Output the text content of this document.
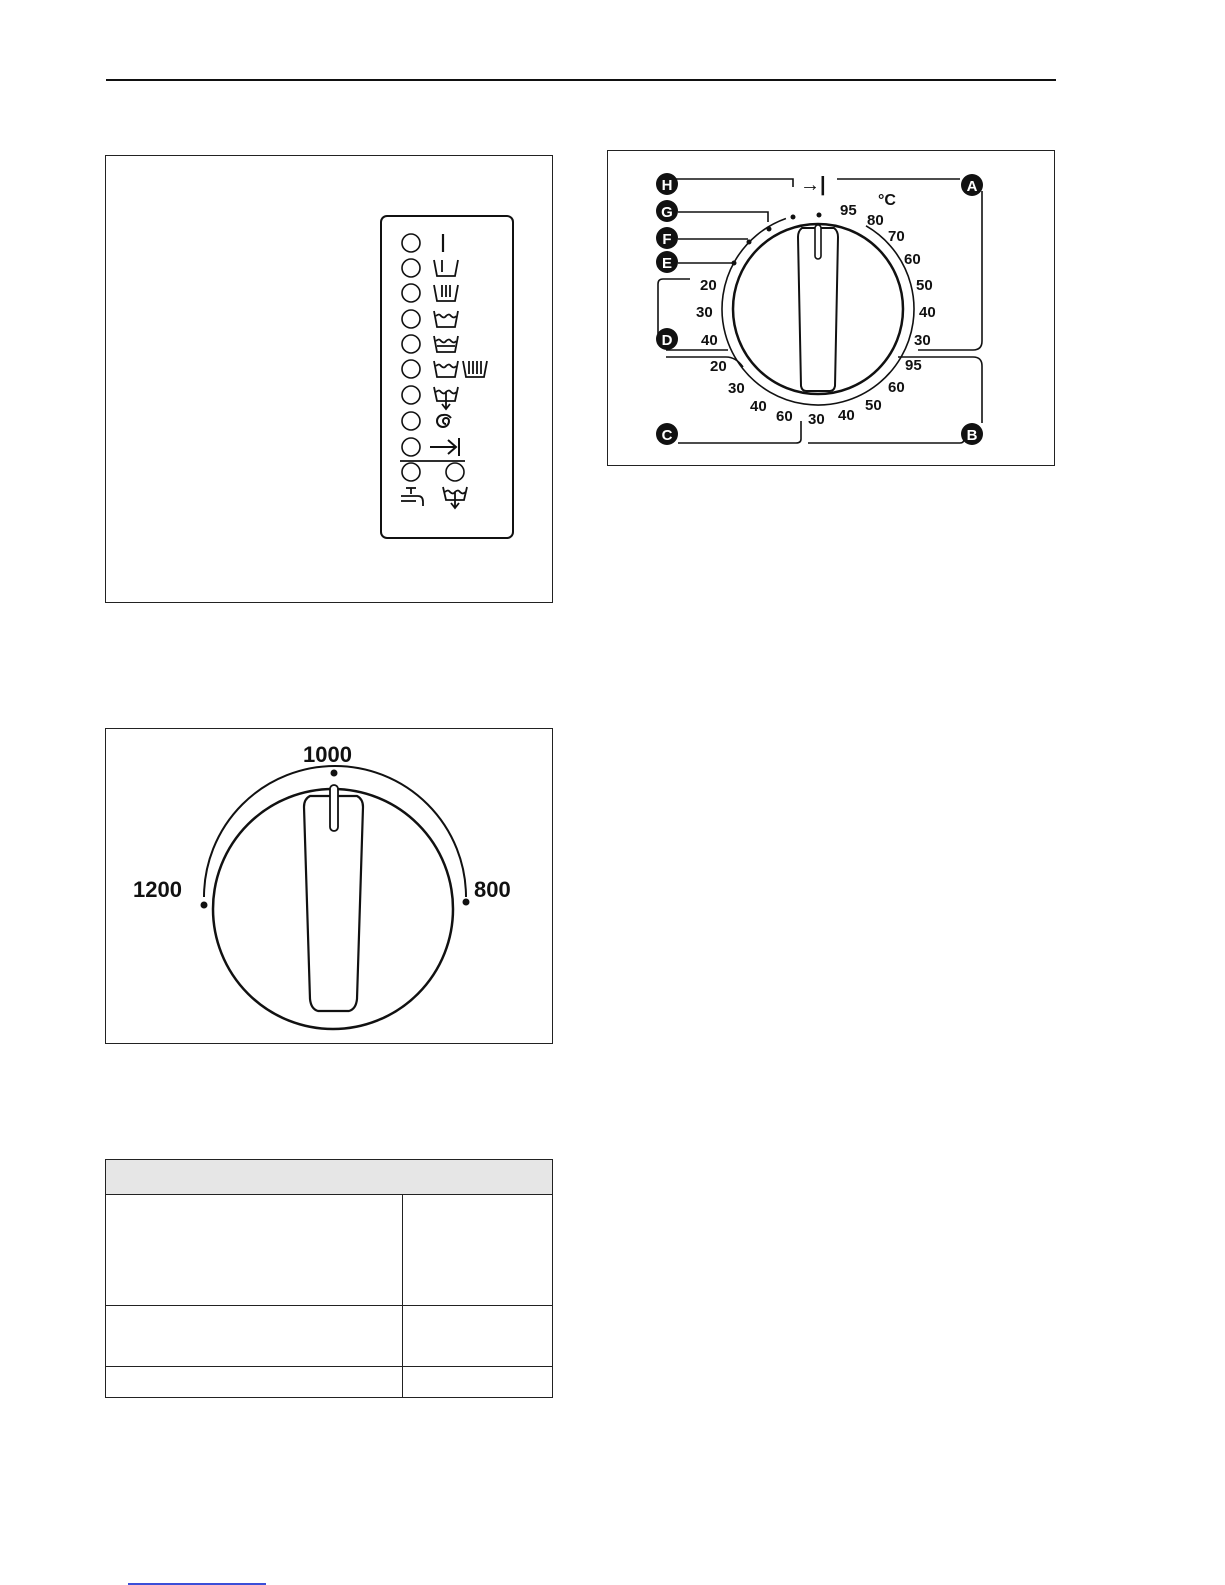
→|
H
G
F
E
D
C
A
B
°C
95
80
70
60
50
40
30
95
60
50
40
30
20
30
40
60
20
30
40
1200
1000
800
